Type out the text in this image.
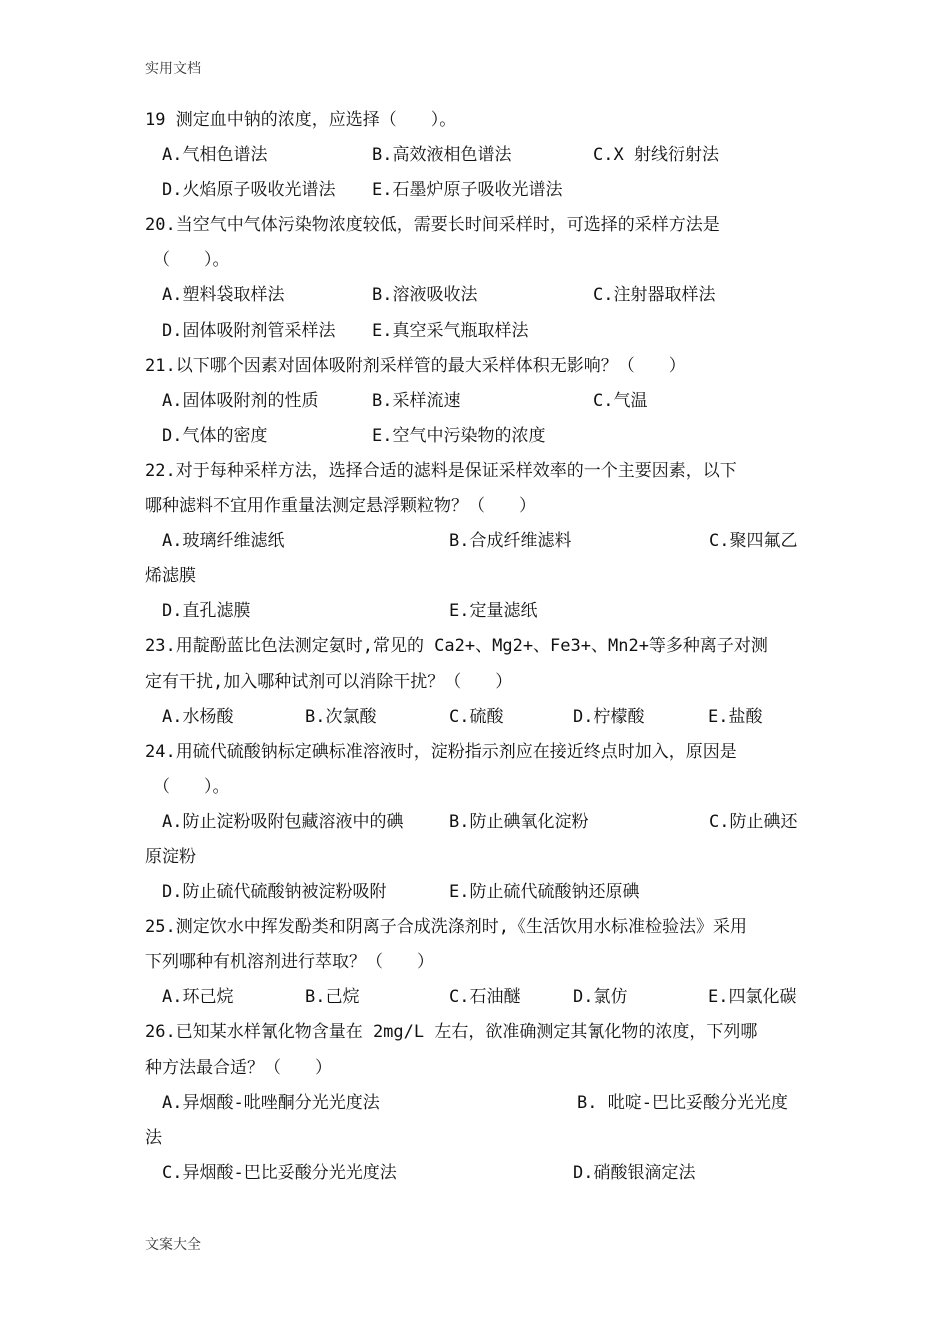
实用文档
19 测定血中钠的浓度，应选择（　　）。
A.气相色谱法	B.高效液相色谱法	C.X 射线衍射法
D.火焰原子吸收光谱法 E.石墨炉原子吸收光谱法
20.当空气中气体污染物浓度较低，需要长时间采样时，可选择的采样方法是
（　　）。
A.塑料袋取样法	B.溶液吸收法	C.注射器取样法
D.固体吸附剂管采样法 E.真空采气瓶取样法
21.以下哪个因素对固体吸附剂采样管的最大采样体积无影响？（　　）
A.固体吸附剂的性质	B.采样流速	C.气温
D.气体的密度	E.空气中污染物的浓度
22.对于每种采样方法，选择合适的滤料是保证采样效率的一个主要因素，以下
哪种滤料不宜用作重量法测定悬浮颗粒物？（　　）
A.玻璃纤维滤纸	B.合成纤维滤料	C.聚四氟乙
烯滤膜
D.直孔滤膜	E.定量滤纸
23.用靛酚蓝比色法测定氨时,常见的 Ca2+、Mg2+、Fe3+、Mn2+等多种离子对测
定有干扰,加入哪种试剂可以消除干扰？（　　）
A.水杨酸	B.次氯酸	C.硫酸	D.柠檬酸	E.盐酸
24.用硫代硫酸钠标定碘标准溶液时，淀粉指示剂应在接近终点时加入，原因是
（　　）。
A.防止淀粉吸附包藏溶液中的碘	B.防止碘氧化淀粉	C.防止碘还
原淀粉
D.防止硫代硫酸钠被淀粉吸附	E.防止硫代硫酸钠还原碘
25.测定饮水中挥发酚类和阴离子合成洗涤剂时,《生活饮用水标准检验法》采用
下列哪种有机溶剂进行萃取？（　　）
A.环己烷	B.己烷	C.石油醚	D.氯仿	E.四氯化碳
26.已知某水样氰化物含量在 2mg/L 左右，欲准确测定其氰化物的浓度，下列哪
种方法最合适？（　　）
A.异烟酸-吡唑酮分光光度法	B. 吡啶-巴比妥酸分光光度
法
C.异烟酸-巴比妥酸分光光度法	D.硝酸银滴定法
文案大全
